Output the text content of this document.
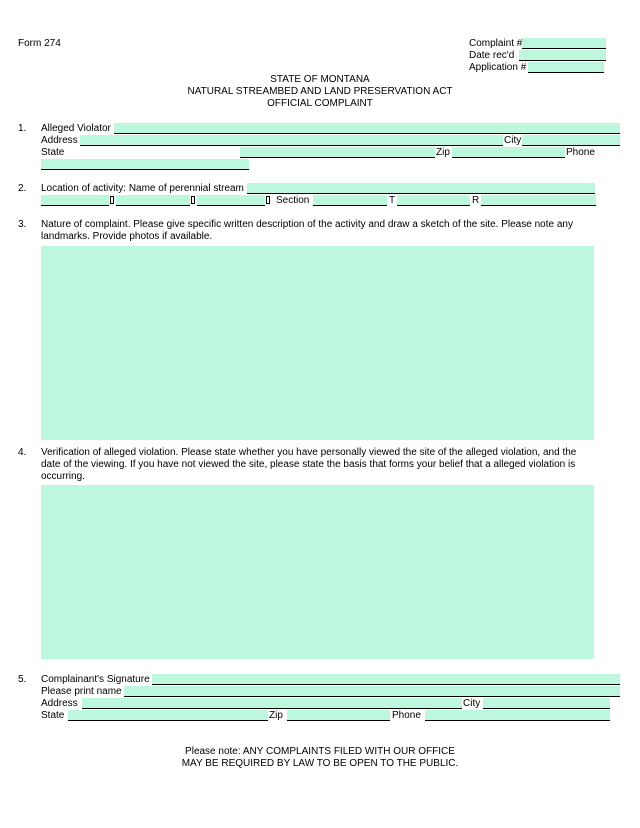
Form 274	Complaint #
Date rec'd
Application #
STATE OF MONTANA
NATURAL STREAMBED AND LAND PRESERVATION ACT
OFFICIAL COMPLAINT
1. Alleged Violator
Address	City
State	Zip	Phone
2. Location of activity: Name of perennial stream
Section	T	R
3. Nature of complaint. Please give specific written description of the activity and draw a sketch of the site. Please note any
landmarks. Provide photos if available.
4. Verification of alleged violation. Please state whether you have personally viewed the site of the alleged violation, and the
date of the viewing. If you have not viewed the site, please state the basis that forms your belief that a alleged violation is
occurring.
5. Complainant's Signature
Please print name
Address	City
State	Zip	Phone
Please note: ANY COMPLAINTS FILED WITH OUR OFFICE
MAY BE REQUIRED BY LAW TO BE OPEN TO THE PUBLIC.
